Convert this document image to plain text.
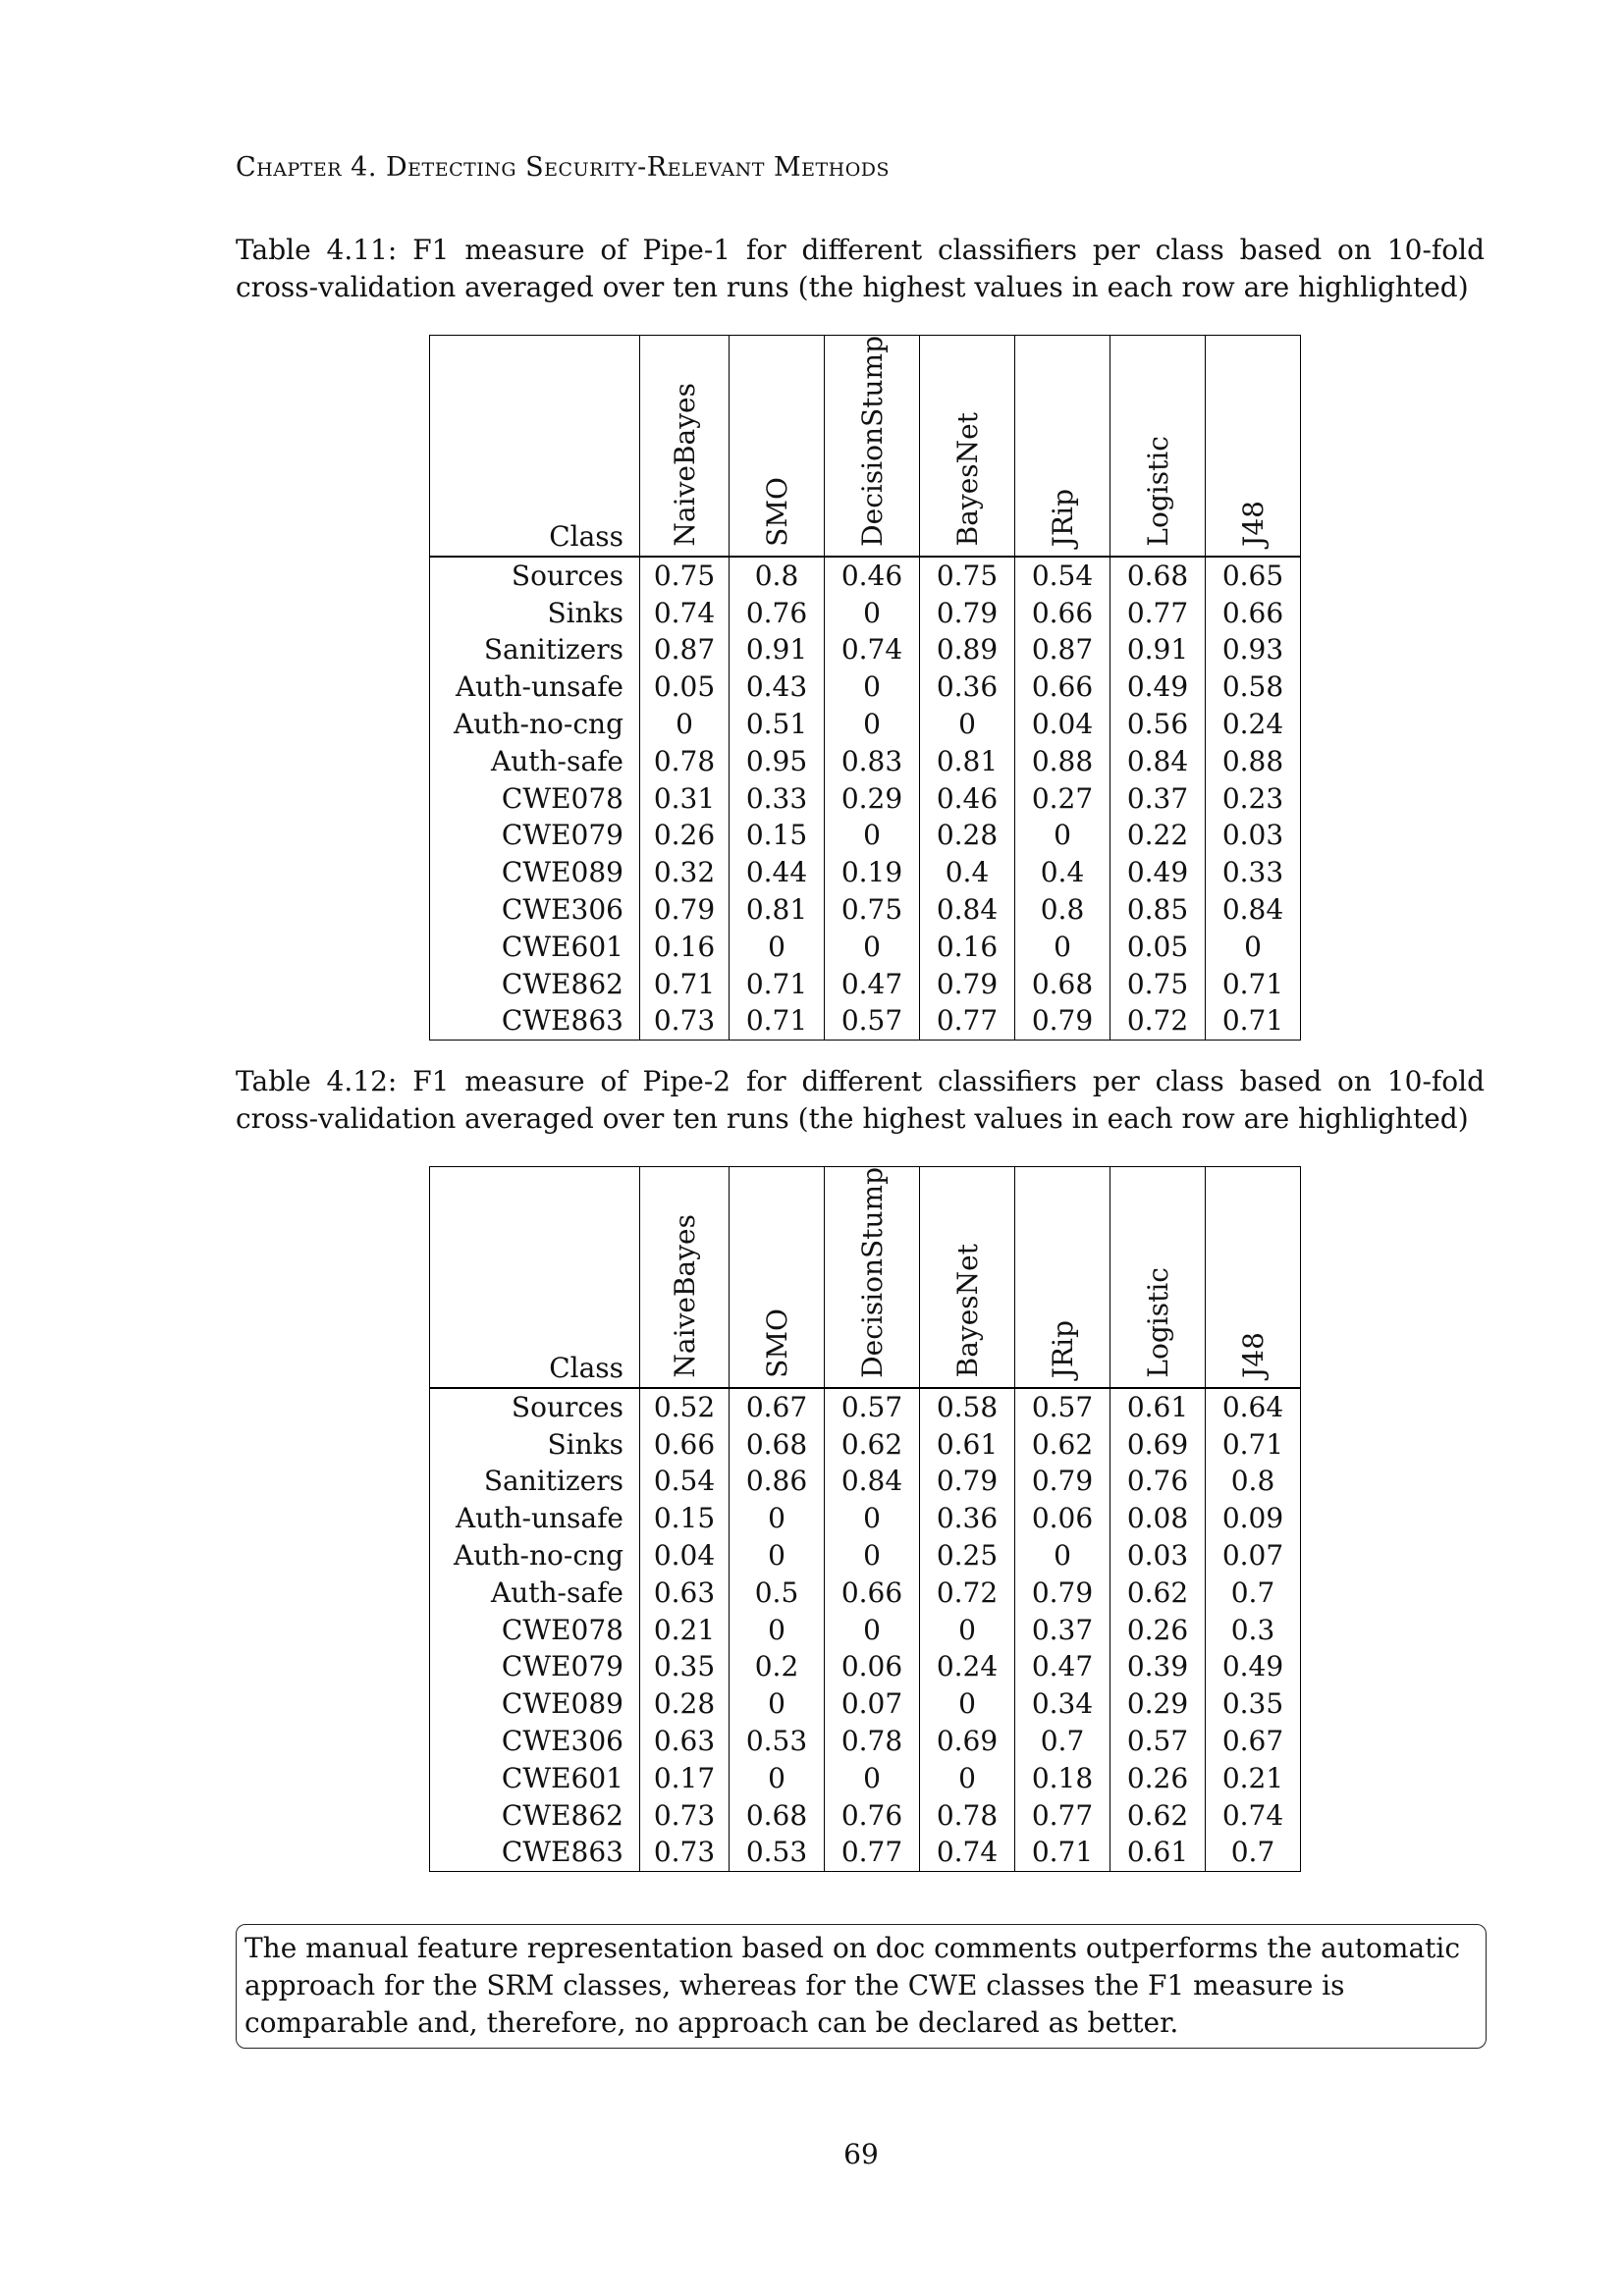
Chapter 4. Detecting Security-Relevant Methods
Table 4.11: F1 measure of Pipe-1 for different classifiers per class based on 10-fold cross-validation averaged over ten runs (the highest values in each row are highlighted)
Class	NaiveBayes	SMO	DecisionStump	BayesNet	JRip	Logistic	J48
Sources	0.75	0.8	0.46	0.75	0.54	0.68	0.65
Sinks	0.74	0.76	0	0.79	0.66	0.77	0.66
Sanitizers	0.87	0.91	0.74	0.89	0.87	0.91	0.93
Auth-unsafe	0.05	0.43	0	0.36	0.66	0.49	0.58
Auth-no-cng	0	0.51	0	0	0.04	0.56	0.24
Auth-safe	0.78	0.95	0.83	0.81	0.88	0.84	0.88
CWE078	0.31	0.33	0.29	0.46	0.27	0.37	0.23
CWE079	0.26	0.15	0	0.28	0	0.22	0.03
CWE089	0.32	0.44	0.19	0.4	0.4	0.49	0.33
CWE306	0.79	0.81	0.75	0.84	0.8	0.85	0.84
CWE601	0.16	0	0	0.16	0	0.05	0
CWE862	0.71	0.71	0.47	0.79	0.68	0.75	0.71
CWE863	0.73	0.71	0.57	0.77	0.79	0.72	0.71
Table 4.12: F1 measure of Pipe-2 for different classifiers per class based on 10-fold cross-validation averaged over ten runs (the highest values in each row are highlighted)
Class	NaiveBayes	SMO	DecisionStump	BayesNet	JRip	Logistic	J48
Sources	0.52	0.67	0.57	0.58	0.57	0.61	0.64
Sinks	0.66	0.68	0.62	0.61	0.62	0.69	0.71
Sanitizers	0.54	0.86	0.84	0.79	0.79	0.76	0.8
Auth-unsafe	0.15	0	0	0.36	0.06	0.08	0.09
Auth-no-cng	0.04	0	0	0.25	0	0.03	0.07
Auth-safe	0.63	0.5	0.66	0.72	0.79	0.62	0.7
CWE078	0.21	0	0	0	0.37	0.26	0.3
CWE079	0.35	0.2	0.06	0.24	0.47	0.39	0.49
CWE089	0.28	0	0.07	0	0.34	0.29	0.35
CWE306	0.63	0.53	0.78	0.69	0.7	0.57	0.67
CWE601	0.17	0	0	0	0.18	0.26	0.21
CWE862	0.73	0.68	0.76	0.78	0.77	0.62	0.74
CWE863	0.73	0.53	0.77	0.74	0.71	0.61	0.7
The manual feature representation based on doc comments outperforms the automatic approach for the SRM classes, whereas for the CWE classes the F1 measure is comparable and, therefore, no approach can be declared as better.
69
